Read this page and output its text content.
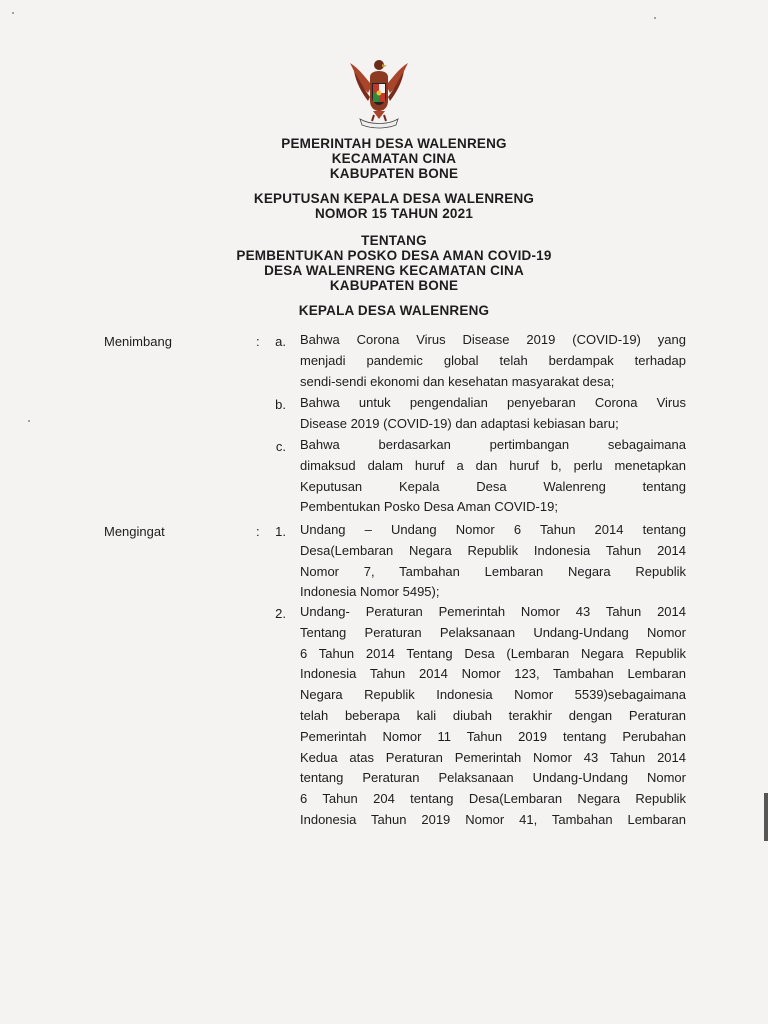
PEMERINTAH DESA WALENRENG
KECAMATAN CINA
KABUPATEN BONE
KEPUTUSAN KEPALA DESA WALENRENG
NOMOR 15 TAHUN 2021
TENTANG
PEMBENTUKAN POSKO DESA AMAN COVID-19
DESA WALENRENG KECAMATAN CINA
KABUPATEN BONE
KEPALA DESA WALENRENG
Menimbang	:	a. Bahwa Corona Virus Disease 2019 (COVID-19) yang
menjadi pandemic global telah berdampak terhadap
sendi-sendi ekonomi dan kesehatan masyarakat desa;
b. Bahwa untuk pengendalian penyebaran Corona Virus
Disease 2019 (COVID-19) dan adaptasi kebiasan baru;
c. Bahwa berdasarkan pertimbangan sebagaimana
dimaksud dalam huruf a dan huruf b, perlu menetapkan
Keputusan Kepala Desa Walenreng tentang
Pembentukan Posko Desa Aman COVID-19;
Mengingat	:	1. Undang – Undang Nomor 6 Tahun 2014 tentang
Desa(Lembaran Negara Republik Indonesia Tahun 2014
Nomor 7, Tambahan Lembaran Negara Republik
Indonesia Nomor 5495);
2. Undang- Peraturan Pemerintah Nomor 43 Tahun 2014
Tentang Peraturan Pelaksanaan Undang-Undang Nomor
6 Tahun 2014 Tentang Desa (Lembaran Negara Republik
Indonesia Tahun 2014 Nomor 123, Tambahan Lembaran
Negara Republik Indonesia Nomor 5539)sebagaimana
telah beberapa kali diubah terakhir dengan Peraturan
Pemerintah Nomor 11 Tahun 2019 tentang Perubahan
Kedua atas Peraturan Pemerintah Nomor 43 Tahun 2014
tentang Peraturan Pelaksanaan Undang-Undang Nomor
6 Tahun 204 tentang Desa(Lembaran Negara Republik
Indonesia Tahun 2019 Nomor 41, Tambahan Lembaran
